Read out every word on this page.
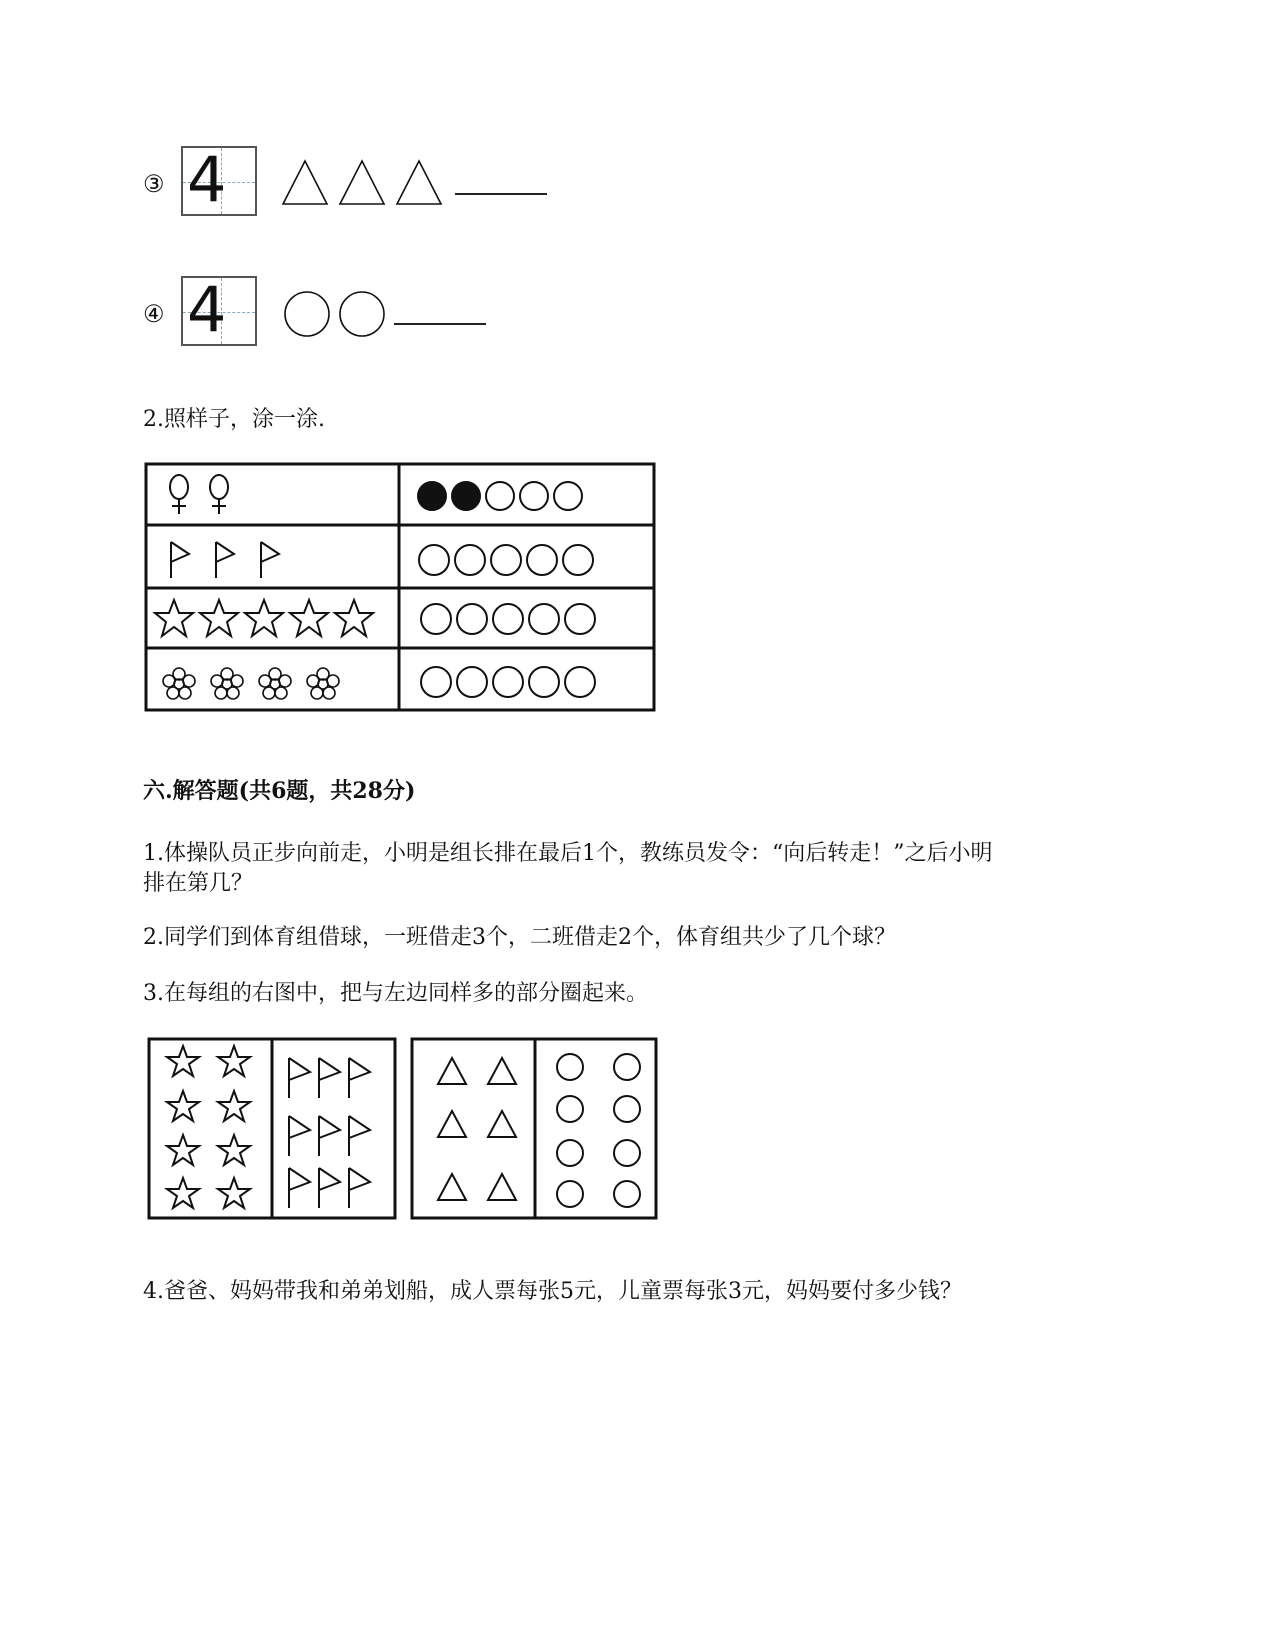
③ 4
④ 4
2.照样子，涂一涂.
六.解答题(共6题，共28分)
1.体操队员正步向前走，小明是组长排在最后1个，教练员发令：“向后转走！”之后小明
排在第几？
2.同学们到体育组借球，一班借走3个，二班借走2个，体育组共少了几个球？
3.在每组的右图中，把与左边同样多的部分圈起来。
4.爸爸、妈妈带我和弟弟划船，成人票每张5元，儿童票每张3元，妈妈要付多少钱？
